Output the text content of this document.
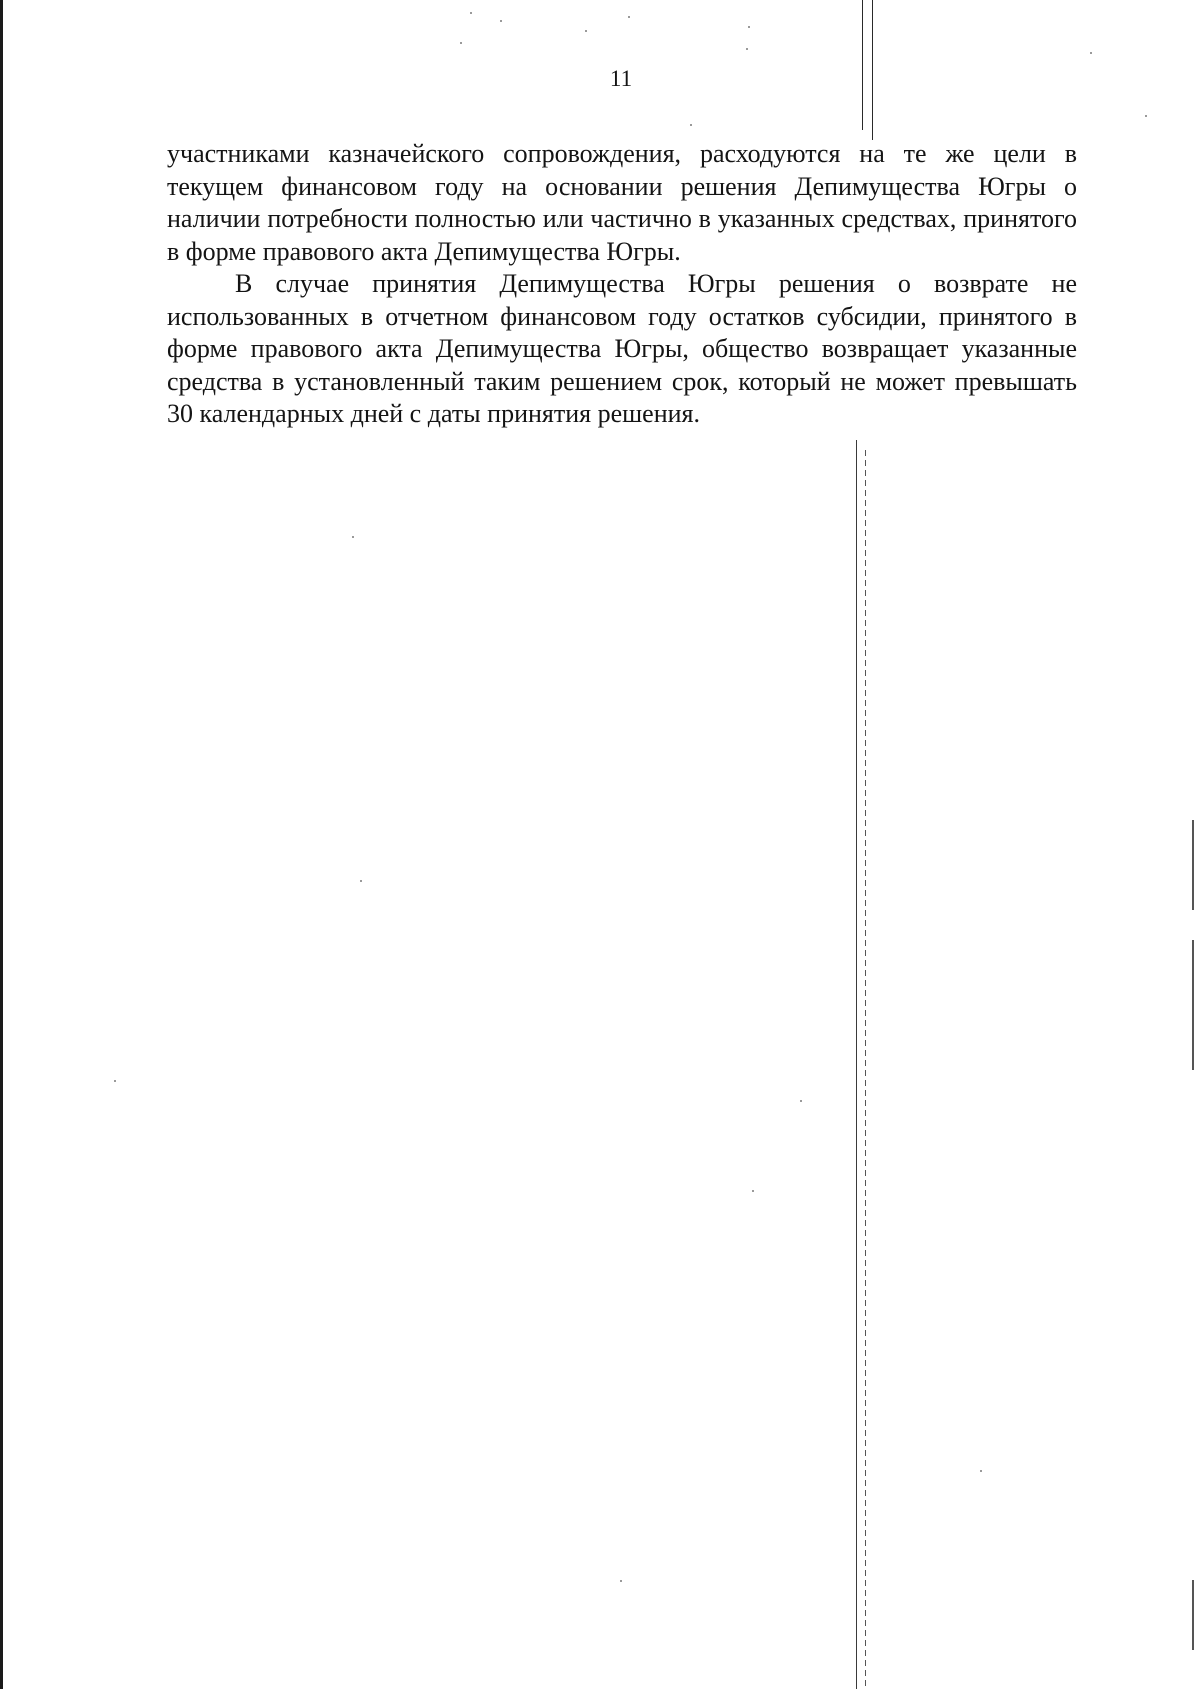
11

участниками казначейского сопровождения, расходуются на те же цели в текущем финансовом году на основании решения Депимущества Югры о наличии потребности полностью или частично в указанных средствах, принятого в форме правового акта Депимущества Югры.

В случае принятия Депимущества Югры решения о возврате не использованных в отчетном финансовом году остатков субсидии, принятого в форме правового акта Депимущества Югры, общество возвращает указанные средства в установленный таким решением срок, который не может превышать 30 календарных дней с даты принятия решения.
